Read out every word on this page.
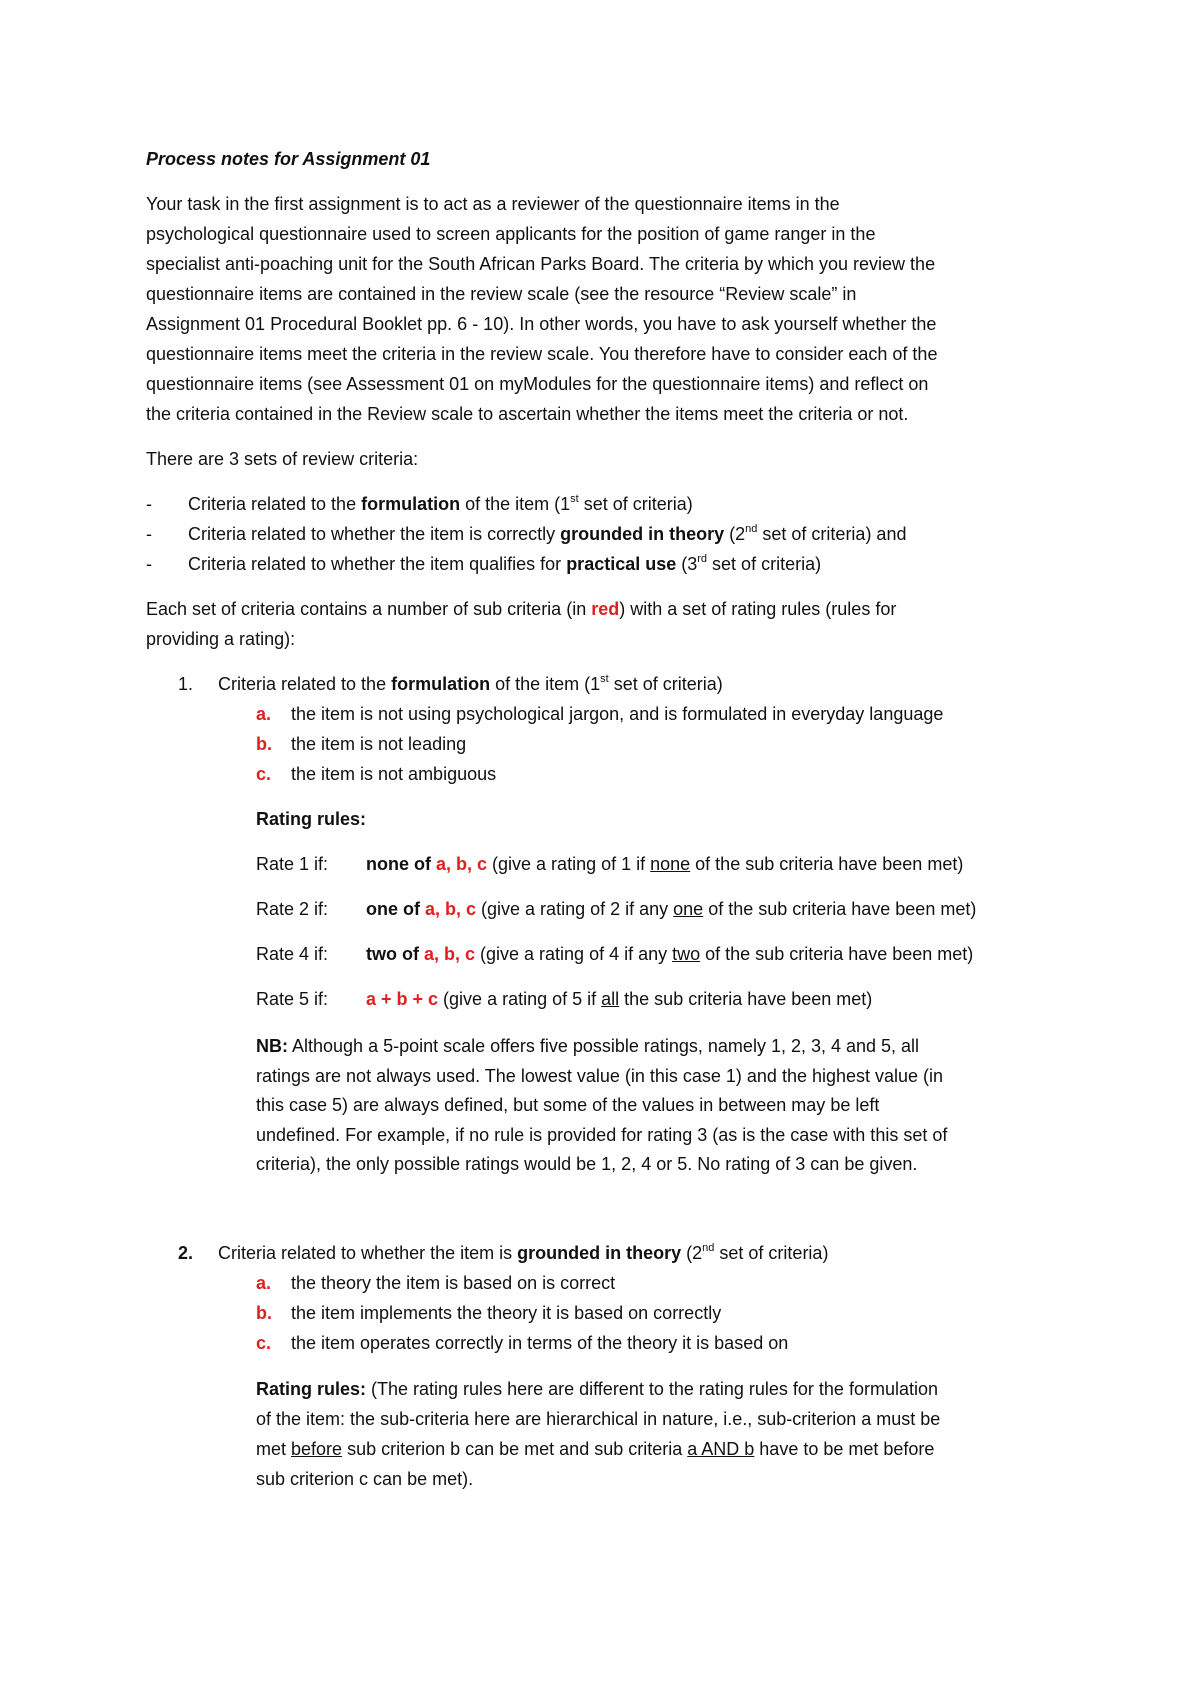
Process notes for Assignment 01
Your task in the first assignment is to act as a reviewer of the questionnaire items in the
psychological questionnaire used to screen applicants for the position of game ranger in the
specialist anti-poaching unit for the South African Parks Board. The criteria by which you review the
questionnaire items are contained in the review scale (see the resource “Review scale” in
Assignment 01 Procedural Booklet pp. 6 - 10). In other words, you have to ask yourself whether the
questionnaire items meet the criteria in the review scale. You therefore have to consider each of the
questionnaire items (see Assessment 01 on myModules for the questionnaire items) and reflect on
the criteria contained in the Review scale to ascertain whether the items meet the criteria or not.
There are 3 sets of review criteria:
- Criteria related to the formulation of the item (1st set of criteria)
- Criteria related to whether the item is correctly grounded in theory (2nd set of criteria) and
- Criteria related to whether the item qualifies for practical use (3rd set of criteria)
Each set of criteria contains a number of sub criteria (in red) with a set of rating rules (rules for
providing a rating):
1. Criteria related to the formulation of the item (1st set of criteria)
a. the item is not using psychological jargon, and is formulated in everyday language
b. the item is not leading
c. the item is not ambiguous
Rating rules:
Rate 1 if: none of a, b, c (give a rating of 1 if none of the sub criteria have been met)
Rate 2 if: one of a, b, c (give a rating of 2 if any one of the sub criteria have been met)
Rate 4 if: two of a, b, c (give a rating of 4 if any two of the sub criteria have been met)
Rate 5 if: a + b + c (give a rating of 5 if all the sub criteria have been met)
NB: Although a 5-point scale offers five possible ratings, namely 1, 2, 3, 4 and 5, all
ratings are not always used. The lowest value (in this case 1) and the highest value (in
this case 5) are always defined, but some of the values in between may be left
undefined. For example, if no rule is provided for rating 3 (as is the case with this set of
criteria), the only possible ratings would be 1, 2, 4 or 5. No rating of 3 can be given.
2. Criteria related to whether the item is grounded in theory (2nd set of criteria)
a. the theory the item is based on is correct
b. the item implements the theory it is based on correctly
c. the item operates correctly in terms of the theory it is based on
Rating rules: (The rating rules here are different to the rating rules for the formulation
of the item: the sub-criteria here are hierarchical in nature, i.e., sub-criterion a must be
met before sub criterion b can be met and sub criteria a AND b have to be met before
sub criterion c can be met).
